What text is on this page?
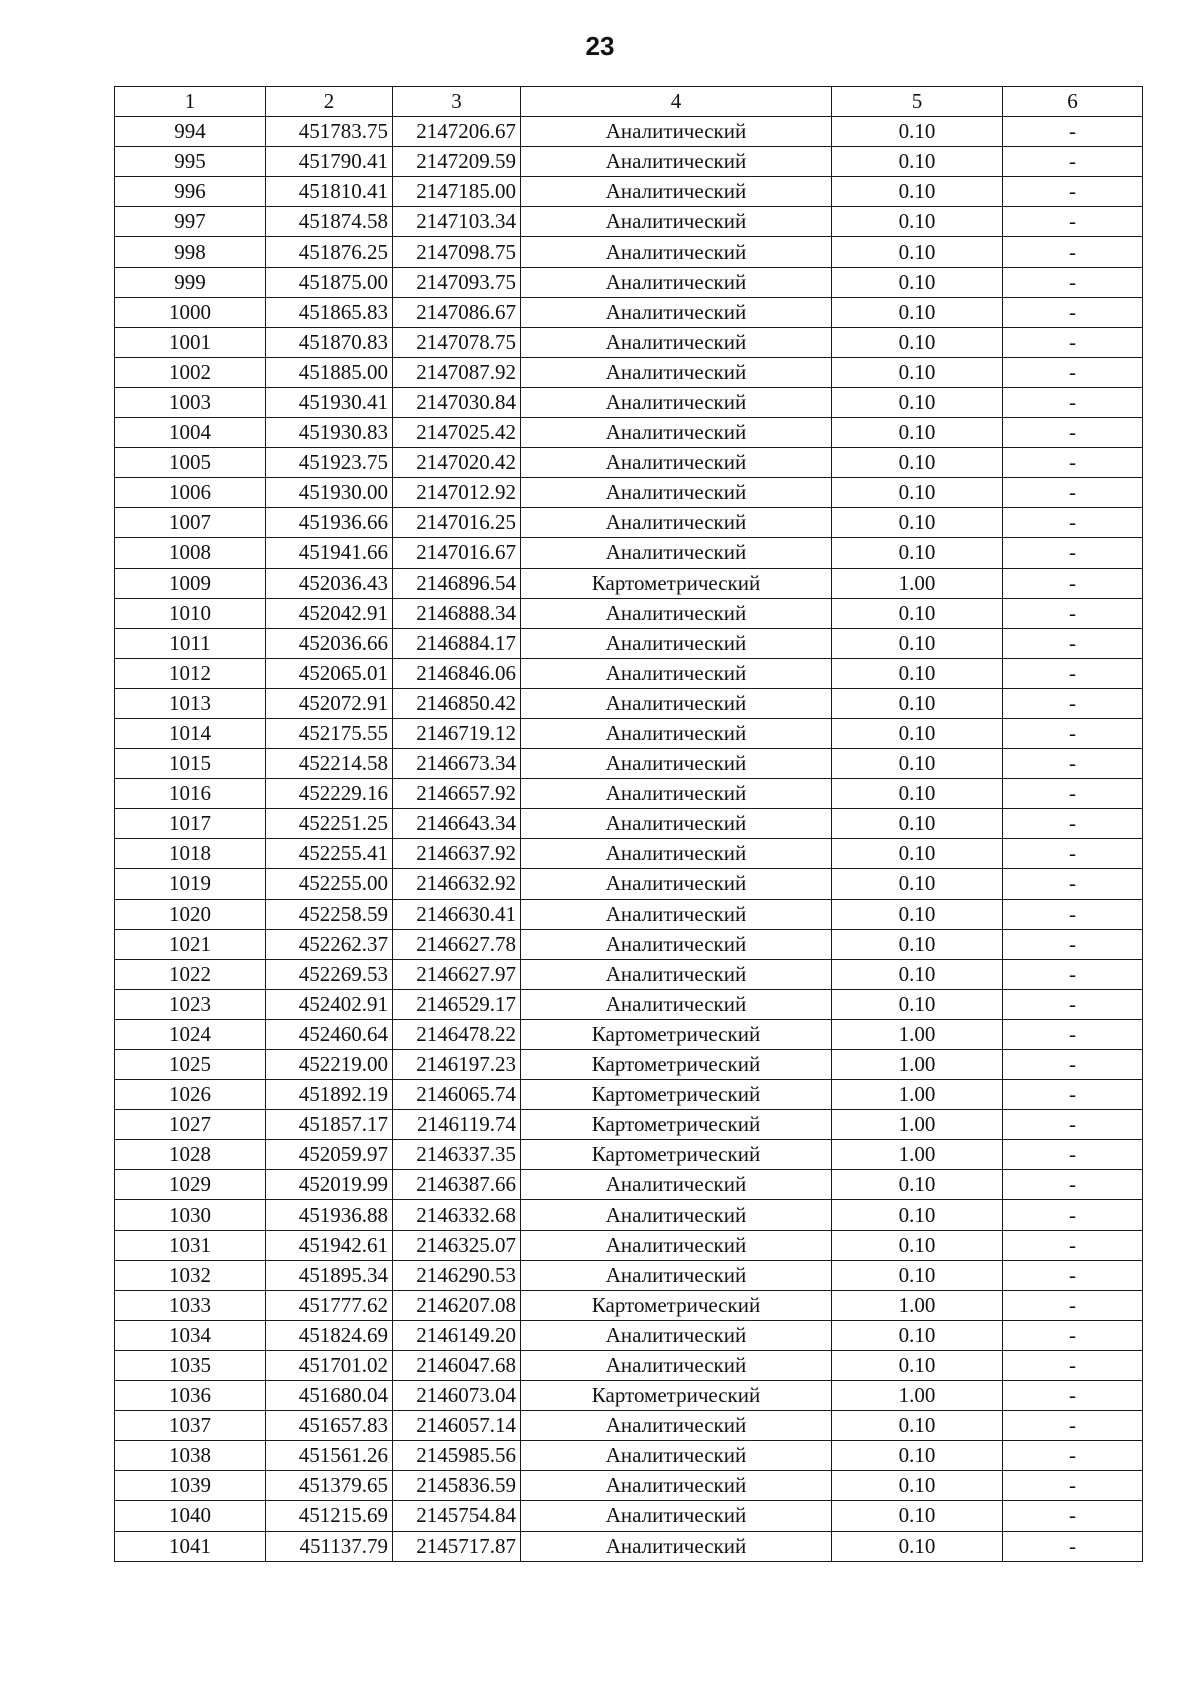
23
1	2	3	4	5	6
994	451783.75	2147206.67	Аналитический	0.10	-
995	451790.41	2147209.59	Аналитический	0.10	-
996	451810.41	2147185.00	Аналитический	0.10	-
997	451874.58	2147103.34	Аналитический	0.10	-
998	451876.25	2147098.75	Аналитический	0.10	-
999	451875.00	2147093.75	Аналитический	0.10	-
1000	451865.83	2147086.67	Аналитический	0.10	-
1001	451870.83	2147078.75	Аналитический	0.10	-
1002	451885.00	2147087.92	Аналитический	0.10	-
1003	451930.41	2147030.84	Аналитический	0.10	-
1004	451930.83	2147025.42	Аналитический	0.10	-
1005	451923.75	2147020.42	Аналитический	0.10	-
1006	451930.00	2147012.92	Аналитический	0.10	-
1007	451936.66	2147016.25	Аналитический	0.10	-
1008	451941.66	2147016.67	Аналитический	0.10	-
1009	452036.43	2146896.54	Картометрический	1.00	-
1010	452042.91	2146888.34	Аналитический	0.10	-
1011	452036.66	2146884.17	Аналитический	0.10	-
1012	452065.01	2146846.06	Аналитический	0.10	-
1013	452072.91	2146850.42	Аналитический	0.10	-
1014	452175.55	2146719.12	Аналитический	0.10	-
1015	452214.58	2146673.34	Аналитический	0.10	-
1016	452229.16	2146657.92	Аналитический	0.10	-
1017	452251.25	2146643.34	Аналитический	0.10	-
1018	452255.41	2146637.92	Аналитический	0.10	-
1019	452255.00	2146632.92	Аналитический	0.10	-
1020	452258.59	2146630.41	Аналитический	0.10	-
1021	452262.37	2146627.78	Аналитический	0.10	-
1022	452269.53	2146627.97	Аналитический	0.10	-
1023	452402.91	2146529.17	Аналитический	0.10	-
1024	452460.64	2146478.22	Картометрический	1.00	-
1025	452219.00	2146197.23	Картометрический	1.00	-
1026	451892.19	2146065.74	Картометрический	1.00	-
1027	451857.17	2146119.74	Картометрический	1.00	-
1028	452059.97	2146337.35	Картометрический	1.00	-
1029	452019.99	2146387.66	Аналитический	0.10	-
1030	451936.88	2146332.68	Аналитический	0.10	-
1031	451942.61	2146325.07	Аналитический	0.10	-
1032	451895.34	2146290.53	Аналитический	0.10	-
1033	451777.62	2146207.08	Картометрический	1.00	-
1034	451824.69	2146149.20	Аналитический	0.10	-
1035	451701.02	2146047.68	Аналитический	0.10	-
1036	451680.04	2146073.04	Картометрический	1.00	-
1037	451657.83	2146057.14	Аналитический	0.10	-
1038	451561.26	2145985.56	Аналитический	0.10	-
1039	451379.65	2145836.59	Аналитический	0.10	-
1040	451215.69	2145754.84	Аналитический	0.10	-
1041	451137.79	2145717.87	Аналитический	0.10	-
